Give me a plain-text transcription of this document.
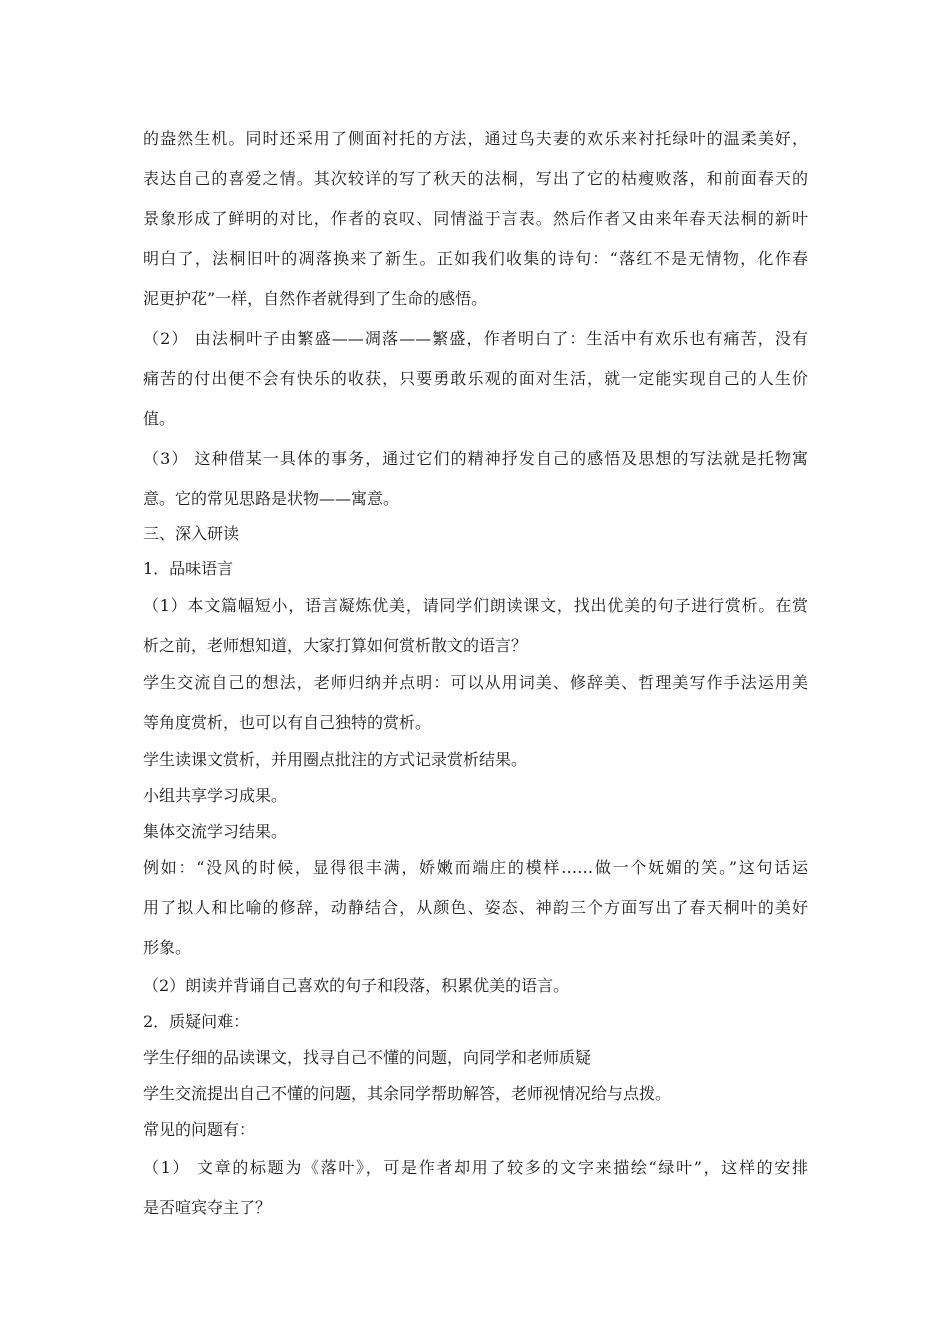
的盎然生机。同时还采用了侧面衬托的方法，通过鸟夫妻的欢乐来衬托绿叶的温柔美好，
表达自己的喜爱之情。其次较详的写了秋天的法桐，写出了它的枯瘦败落，和前面春天的
景象形成了鲜明的对比，作者的哀叹、同情溢于言表。然后作者又由来年春天法桐的新叶
明白了，法桐旧叶的凋落换来了新生。正如我们收集的诗句：“落红不是无情物，化作春
泥更护花”一样，自然作者就得到了生命的感悟。
（2） 由法桐叶子由繁盛——凋落——繁盛，作者明白了：生活中有欢乐也有痛苦，没有
痛苦的付出便不会有快乐的收获，只要勇敢乐观的面对生活，就一定能实现自己的人生价
值。
（3） 这种借某一具体的事务，通过它们的精神抒发自己的感悟及思想的写法就是托物寓
意。它的常见思路是状物——寓意。
三、深入研读
1．品味语言
（1）本文篇幅短小，语言凝炼优美，请同学们朗读课文，找出优美的句子进行赏析。在赏
析之前，老师想知道，大家打算如何赏析散文的语言？
学生交流自己的想法，老师归纳并点明：可以从用词美、修辞美、哲理美写作手法运用美
等角度赏析，也可以有自己独特的赏析。
学生读课文赏析，并用圈点批注的方式记录赏析结果。
小组共享学习成果。
集体交流学习结果。
例如：“没风的时候，显得很丰满，娇嫩而端庄的模样……做一个妩媚的笑。”这句话运
用了拟人和比喻的修辞，动静结合，从颜色、姿态、神韵三个方面写出了春天桐叶的美好
形象。
（2）朗读并背诵自己喜欢的句子和段落，积累优美的语言。
2．质疑问难：
学生仔细的品读课文，找寻自己不懂的问题，向同学和老师质疑
学生交流提出自己不懂的问题，其余同学帮助解答，老师视情况给与点拨。
常见的问题有：
（1） 文章的标题为《落叶》，可是作者却用了较多的文字来描绘“绿叶”，这样的安排
是否喧宾夺主了？
